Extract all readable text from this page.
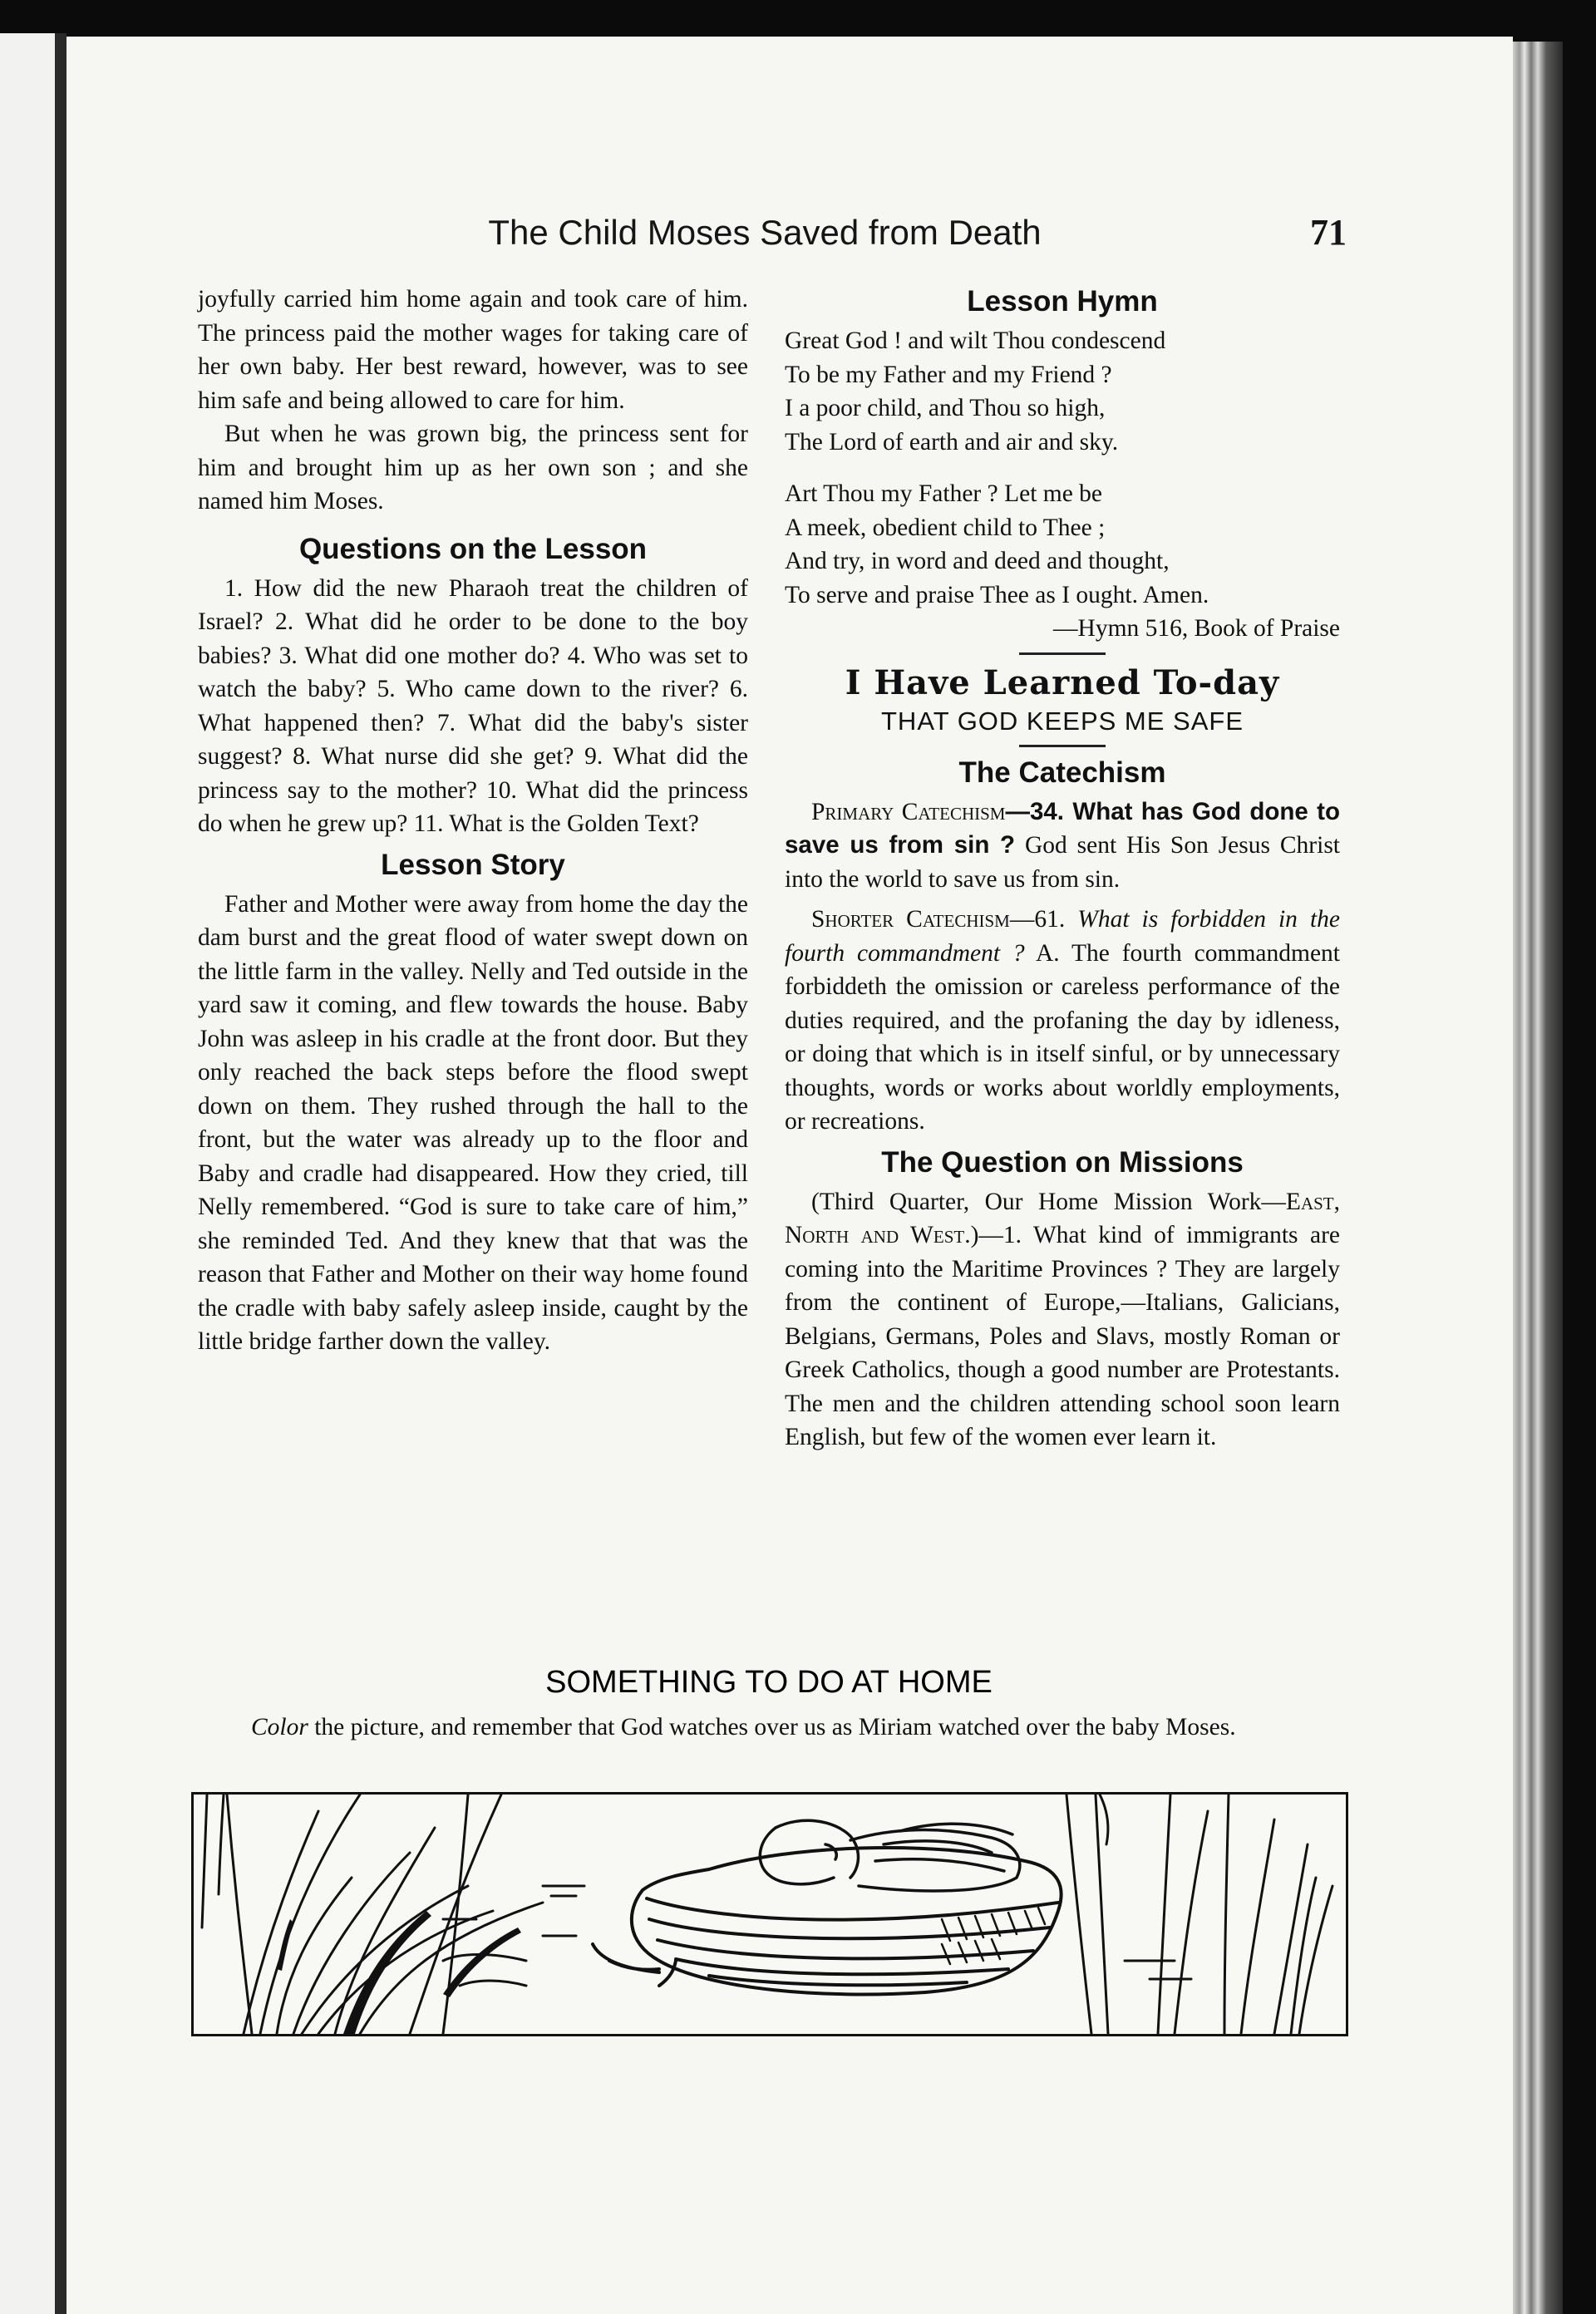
The Child Moses Saved from Death	71

joyfully carried him home again and took care of him. The princess paid the mother wages for taking care of her own baby. Her best reward, however, was to see him safe and being allowed to care for him.

But when he was grown big, the princess sent for him and brought him up as her own son ; and she named him Moses.

Questions on the Lesson

1. How did the new Pharaoh treat the children of Israel? 2. What did he order to be done to the boy babies? 3. What did one mother do? 4. Who was set to watch the baby? 5. Who came down to the river? 6. What happened then? 7. What did the baby's sister suggest? 8. What nurse did she get? 9. What did the princess say to the mother? 10. What did the princess do when he grew up? 11. What is the Golden Text?

Lesson Story

Father and Mother were away from home the day the dam burst and the great flood of water swept down on the little farm in the valley. Nelly and Ted outside in the yard saw it coming, and flew towards the house. Baby John was asleep in his cradle at the front door. But they only reached the back steps before the flood swept down on them. They rushed through the hall to the front, but the water was already up to the floor and Baby and cradle had disappeared. How they cried, till Nelly remembered. “God is sure to take care of him,” she reminded Ted. And they knew that that was the reason that Father and Mother on their way home found the cradle with baby safely asleep inside, caught by the little bridge farther down the valley.

Lesson Hymn
Great God ! and wilt Thou condescend
To be my Father and my Friend ?
I a poor child, and Thou so high,
The Lord of earth and air and sky.
Art Thou my Father ? Let me be
A meek, obedient child to Thee ;
And try, in word and deed and thought,
To serve and praise Thee as I ought. Amen.
—Hymn 516, Book of Praise
I Have Learned To-day
THAT GOD KEEPS ME SAFE
The Catechism

Primary Catechism—34. What has God done to save us from sin ? God sent His Son Jesus Christ into the world to save us from sin.

Shorter Catechism—61. What is forbidden in the fourth commandment ? A. The fourth commandment forbiddeth the omission or careless performance of the duties required, and the profaning the day by idleness, or doing that which is in itself sinful, or by unnecessary thoughts, words or works about worldly employments, or recreations.

The Question on Missions

(Third Quarter, Our Home Mission Work—East, North and West.)—1. What kind of immigrants are coming into the Maritime Provinces ? They are largely from the continent of Europe,—Italians, Galicians, Belgians, Germans, Poles and Slavs, mostly Roman or Greek Catholics, though a good number are Protestants. The men and the children attending school soon learn English, but few of the women ever learn it.

SOMETHING TO DO AT HOME

Color the picture, and remember that God watches over us as Miriam watched over the baby Moses.
